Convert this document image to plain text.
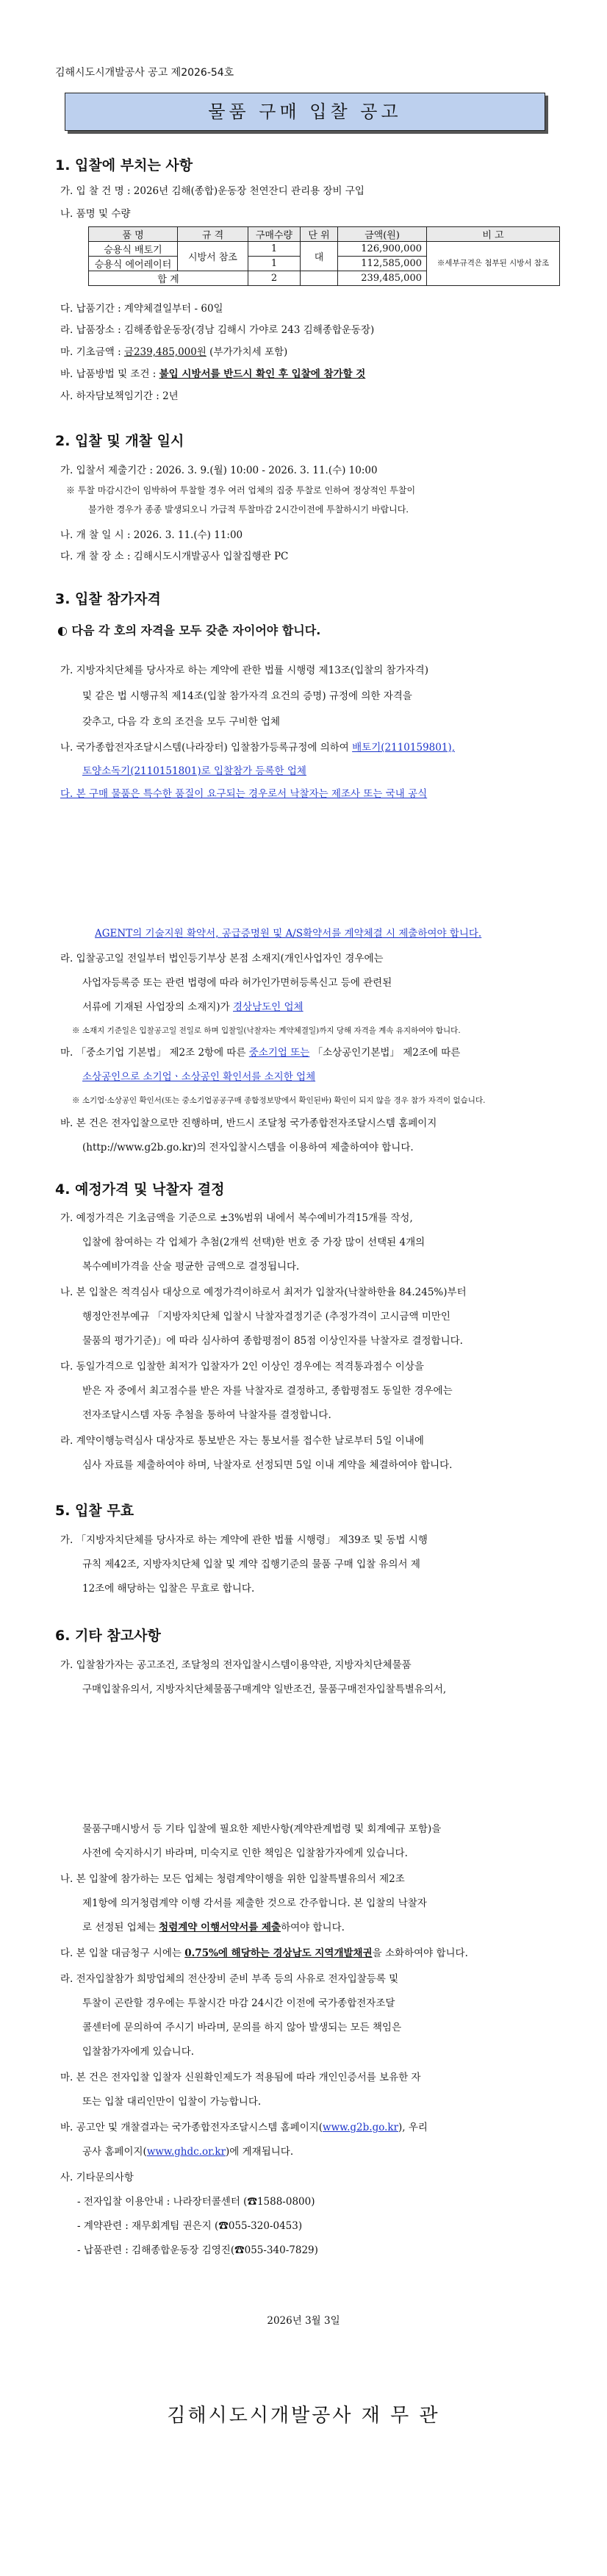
김해시도시개발공사 공고 제2026-54호
물품 구매 입찰 공고
1. 입찰에 부치는 사항
가. 입 찰 건 명 : 2026년 김해(종합)운동장 천연잔디 관리용 장비 구입
나. 품명 및 수량
품 명	규 격	구매수량	단 위	금액(원)	비 고
승용식 배토기	시방서 참조	1	대	126,900,000	※세부규격은 첨부된 시방서 참조
승용식 에어레이터		1		112,585,000	
합 계		2		239,485,000	
다. 납품기간 : 계약체결일부터 - 60일
라. 납품장소 : 김해종합운동장(경남 김해시 가야로 243 김해종합운동장)
마. 기초금액 : 금239,485,000원 (부가가치세 포함)
바. 납품방법 및 조건 : 불입 시방서를 반드시 확인 후 입찰에 참가할 것
사. 하자담보책임기간 : 2년
2. 입찰 및 개찰 일시
가. 입찰서 제출기간 : 2026. 3. 9.(월) 10:00 - 2026. 3. 11.(수) 10:00
※ 투찰 마감시간이 임박하여 투찰할 경우 여러 업체의 집중 투찰로 인하여 정상적인 투찰이
불가한 경우가 종종 발생되오니 가급적 투찰마감 2시간이전에 투찰하시기 바랍니다.
나. 개 찰 일 시 : 2026. 3. 11.(수) 11:00
다. 개 찰 장 소 : 김해시도시개발공사 입찰집행관 PC
3. 입찰 참가자격
◐ 다음 각 호의 자격을 모두 갖춘 자이어야 합니다.
가. 지방자치단체를 당사자로 하는 계약에 관한 법률 시행령 제13조(입찰의 참가자격)
및 같은 법 시행규칙 제14조(입찰 참가자격 요건의 증명) 규정에 의한 자격을
갖추고, 다음 각 호의 조건을 모두 구비한 업체
나. 국가종합전자조달시스템(나라장터) 입찰참가등록규정에 의하여 배토기(2110159801),
토양소독기(2110151801)로 입찰참가 등록한 업체
다. 본 구매 물품은 특수한 품질이 요구되는 경우로서 낙찰자는 제조사 또는 국내 공식
AGENT의 기술지원 확약서, 공급증명원 및 A/S확약서를 계약체결 시 제출하여야 합니다.
라. 입찰공고일 전일부터 법인등기부상 본점 소재지(개인사업자인 경우에는
사업자등록증 또는 관련 법령에 따라 허가인가면허등록신고 등에 관련된
서류에 기재된 사업장의 소재지)가 경상남도인 업체
※ 소재지 기준일은 입찰공고일 전일로 하며 입찰일(낙찰자는 계약체결일)까지 당해 자격을 계속 유지하여야 합니다.
마. 「중소기업 기본법」 제2조 2항에 따른 중소기업 또는 「소상공인기본법」 제2조에 따른
소상공인으로 소기업ㆍ소상공인 확인서를 소지한 업체
※ 소기업·소상공인 확인서(또는 중소기업공공구매 종합정보망에서 확인된바) 확인이 되지 않을 경우 참가 자격이 없습니다.
바. 본 건은 전자입찰으로만 진행하며, 반드시 조달청 국가종합전자조달시스템 홈페이지
(http://www.g2b.go.kr)의 전자입찰시스템을 이용하여 제출하여야 합니다.
4. 예정가격 및 낙찰자 결정
가. 예정가격은 기초금액을 기준으로 ±3%범위 내에서 복수예비가격15개를 작성,
입찰에 참여하는 각 업체가 추첨(2개씩 선택)한 번호 중 가장 많이 선택된 4개의
복수예비가격을 산술 평균한 금액으로 결정됩니다.
나. 본 입찰은 적격심사 대상으로 예정가격이하로서 최저가 입찰자(낙찰하한율 84.245%)부터
행정안전부예규 「지방자치단체 입찰시 낙찰자결정기준 (추정가격이 고시금액 미만인
물품의 평가기준)」에 따라 심사하여 종합평점이 85점 이상인자를 낙찰자로 결정합니다.
다. 동일가격으로 입찰한 최저가 입찰자가 2인 이상인 경우에는 적격통과점수 이상을
받은 자 중에서 최고점수를 받은 자를 낙찰자로 결정하고, 종합평점도 동일한 경우에는
전자조달시스템 자동 추첨을 통하여 낙찰자를 결정합니다.
라. 계약이행능력심사 대상자로 통보받은 자는 통보서를 접수한 날로부터 5일 이내에
심사 자료를 제출하여야 하며, 낙찰자로 선정되면 5일 이내 계약을 체결하여야 합니다.
5. 입찰 무효
가. 「지방자치단체를 당사자로 하는 계약에 관한 법률 시행령」 제39조 및 동법 시행
규칙 제42조, 지방자치단체 입찰 및 계약 집행기준의 물품 구매 입찰 유의서 제
12조에 해당하는 입찰은 무효로 합니다.
6. 기타 참고사항
가. 입찰참가자는 공고조건, 조달청의 전자입찰시스템이용약관, 지방자치단체물품
구매입찰유의서, 지방자치단체물품구매계약 일반조건, 물품구매전자입찰특별유의서,
물품구매시방서 등 기타 입찰에 필요한 제반사항(계약관계법령 및 회계예규 포함)을
사전에 숙지하시기 바라며, 미숙지로 인한 책임은 입찰참가자에게 있습니다.
나. 본 입찰에 참가하는 모든 업체는 청렴계약이행을 위한 입찰특별유의서 제2조
제1항에 의거청렴계약 이행 각서를 제출한 것으로 간주합니다. 본 입찰의 낙찰자
로 선정된 업체는 청렴계약 이행서약서를 제출하여야 합니다.
다. 본 입찰 대금청구 시에는 0.75%에 해당하는 경상남도 지역개발채권을 소화하여야 합니다.
라. 전자입찰참가 희망업체의 전산장비 준비 부족 등의 사유로 전자입찰등록 및
투찰이 곤란할 경우에는 투찰시간 마감 24시간 이전에 국가종합전자조달
콜센터에 문의하여 주시기 바라며, 문의를 하지 않아 발생되는 모든 책임은
입찰참가자에게 있습니다.
마. 본 건은 전자입찰 입찰자 신원확인제도가 적용됨에 따라 개인인증서를 보유한 자
또는 입찰 대리인만이 입찰이 가능합니다.
바. 공고안 및 개찰결과는 국가종합전자조달시스템 홈페이지(www.g2b.go.kr), 우리
공사 홈페이지(www.ghdc.or.kr)에 게재됩니다.
사. 기타문의사항
- 전자입찰 이용안내 : 나라장터콜센터 (☎1588-0800)
- 계약관련 : 재무회계팀 권은지 (☎055-320-0453)
- 납품관련 : 김해종합운동장 김영진(☎055-340-7829)
2026년 3월 3일
김해시도시개발공사 재 무 관
